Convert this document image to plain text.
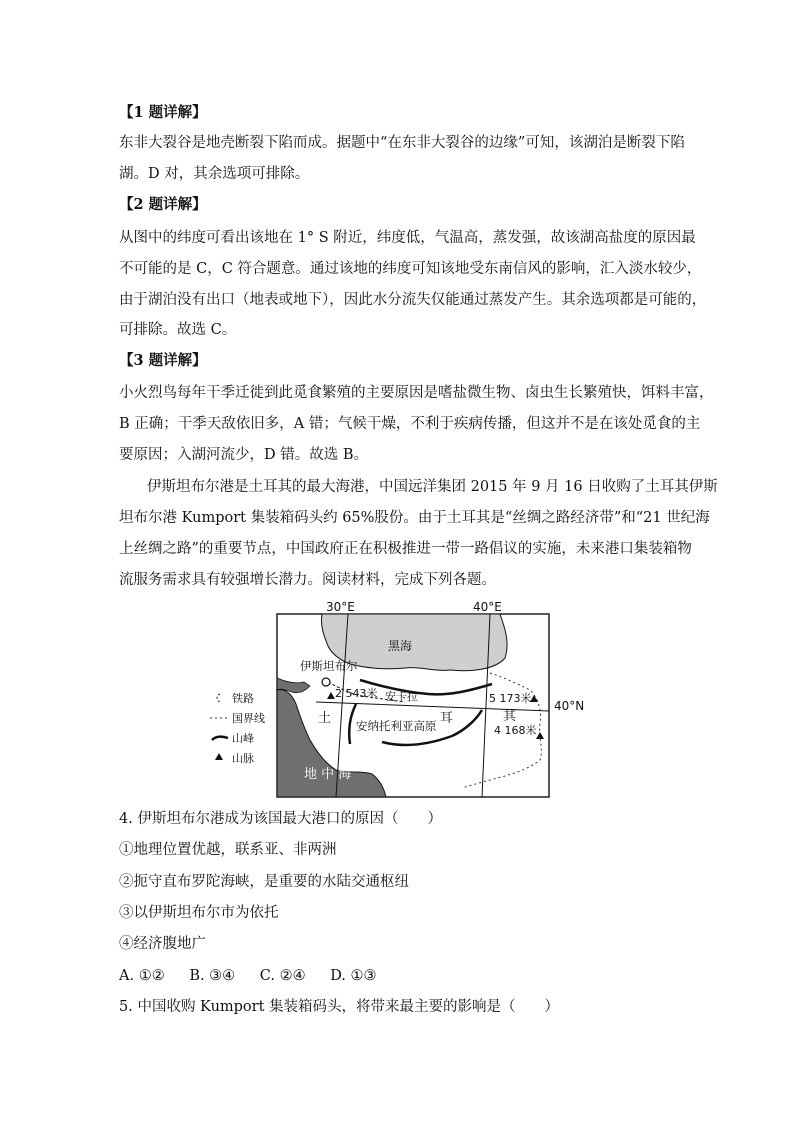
【1 题详解】
东非大裂谷是地壳断裂下陷而成。据题中“在东非大裂谷的边缘”可知，该湖泊是断裂下陷
湖。D 对，其余选项可排除。
【2 题详解】
从图中的纬度可看出该地在 1° S 附近，纬度低，气温高，蒸发强，故该湖高盐度的原因最
不可能的是 C，C 符合题意。通过该地的纬度可知该地受东南信风的影响，汇入淡水较少，
由于湖泊没有出口（地表或地下），因此水分流失仅能通过蒸发产生。其余选项都是可能的，
可排除。故选 C。
【3 题详解】
小火烈鸟每年干季迁徙到此觅食繁殖的主要原因是嗜盐微生物、卤虫生长繁殖快，饵料丰富，
B 正确；干季天敌依旧多，A 错；气候干燥，不利于疾病传播，但这并不是在该处觅食的主
要原因；入湖河流少，D 错。故选 B。
伊斯坦布尔港是土耳其的最大海港，中国远洋集团 2015 年 9 月 16 日收购了土耳其伊斯
坦布尔港 Kumport 集装箱码头约 65%股份。由于土耳其是“丝绸之路经济带”和“21 世纪海
上丝绸之路”的重要节点，中国政府正在积极推进一带一路倡议的实施，未来港口集装箱物
流服务需求具有较强增长潜力。阅读材料，完成下列各题。
30°E	40°E
40°N
黑海
伊斯坦布尔
2 543米 安卡拉	5 173米
土	耳	其
4 168米
安纳托利亚高原
地 中 海
铁路
国界线
山峰
山脉
4. 伊斯坦布尔港成为该国最大港口的原因（　　）
①地理位置优越，联系亚、非两洲
②扼守直布罗陀海峡，是重要的水陆交通枢纽
③以伊斯坦布尔市为依托
④经济腹地广
A. ①② B. ③④ C. ②④ D. ①③
5. 中国收购 Kumport 集装箱码头，将带来最主要的影响是（　　）
